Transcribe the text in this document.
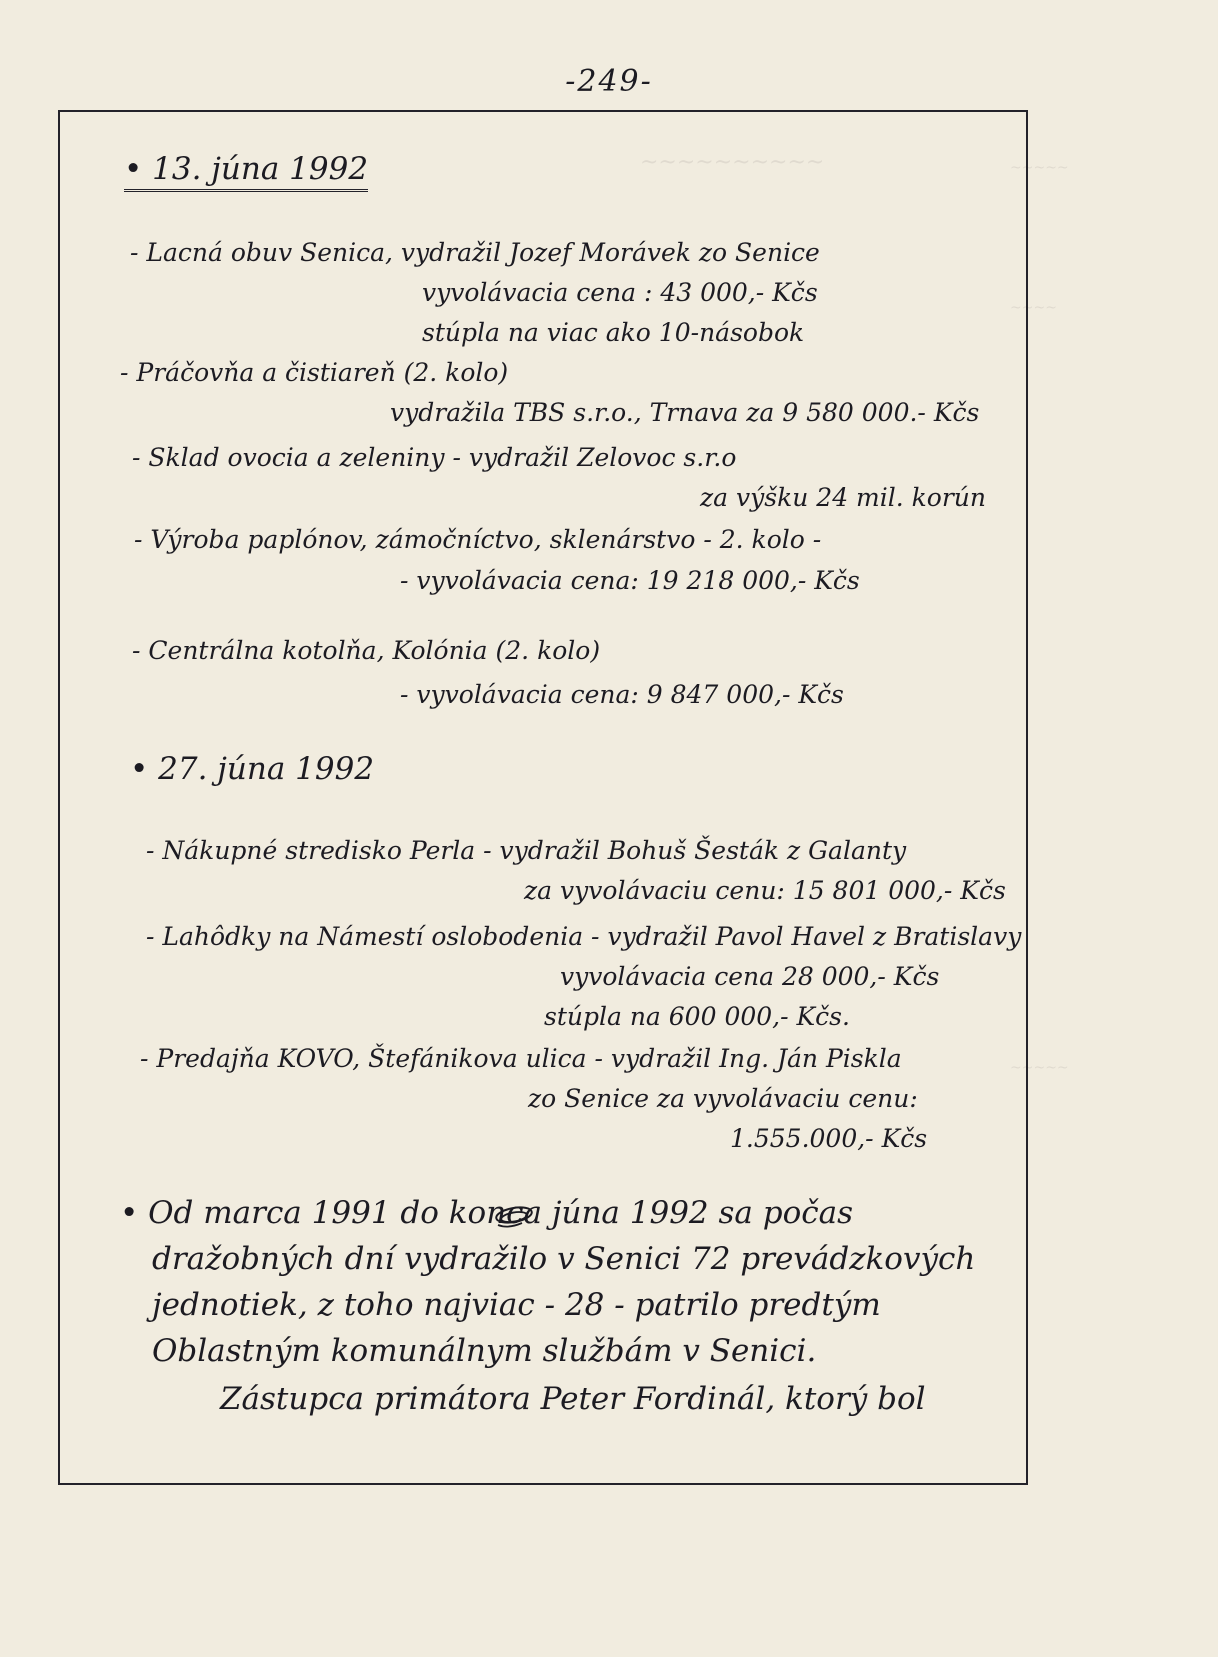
-249-
~~~~~~~~~~	~~~~~
~~~~
~~~~~
• 13. júna 1992
- Lacná obuv Senica, vydražil Jozef Morávek zo Senice
vyvolávacia cena : 43 000,- Kčs
stúpla na viac ako 10-násobok
- Práčovňa a čistiareň (2. kolo)
vydražila TBS s.r.o., Trnava za 9 580 000.- Kčs
- Sklad ovocia a zeleniny - vydražil Zelovoc s.r.o
za výšku 24 mil. korún
- Výroba paplónov, zámočníctvo, sklenárstvo - 2. kolo -
- vyvolávacia cena: 19 218 000,- Kčs
- Centrálna kotolňa, Kolónia (2. kolo)
- vyvolávacia cena: 9 847 000,- Kčs
• 27. júna 1992
- Nákupné stredisko Perla - vydražil Bohuš Šesták z Galanty
za vyvolávaciu cenu: 15 801 000,- Kčs
- Lahôdky na Námestí oslobodenia - vydražil Pavol Havel z Bratislavy
vyvolávacia cena 28 000,- Kčs
stúpla na 600 000,- Kčs.
- Predajňa KOVO, Štefánikova ulica - vydražil Ing. Ján Piskla
zo Senice za vyvolávaciu cenu:
1.555.000,- Kčs
• Od marca 1991 do konca júna 1992 sa počas
dražobných dní vydražilo v Senici 72 prevádzkových
jednotiek, z toho najviac - 28 - patrilo predtým
Oblastným komunálnym službám v Senici.
Zástupca primátora Peter Fordinál, ktorý bol
